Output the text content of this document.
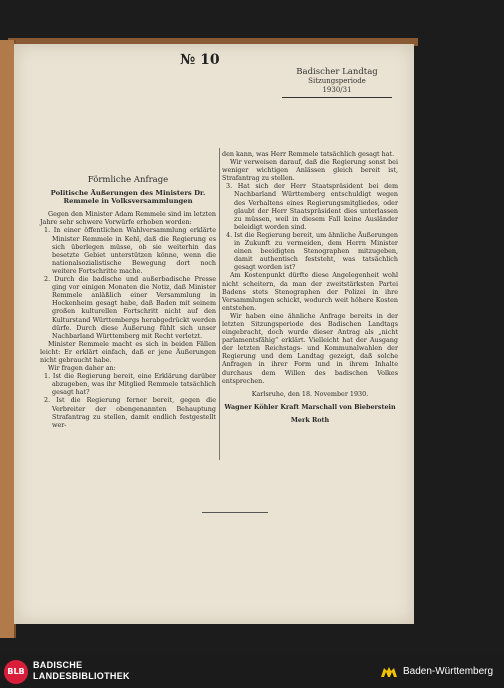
№ 10
Badischer Landtag
Sitzungsperiode
1930/31
Förmliche Anfrage
Politische Äußerungen des Ministers Dr. Remmele in Volksversammlungen
Gegen den Minister Adam Remmele sind im letzten Jahre sehr schwere Vorwürfe erhoben worden:
1. In einer öffentlichen Wahlversammlung erklärte Minister Remmele in Kehl, daß die Regierung es sich überlegen müsse, ob sie weiterhin das besetzte Gebiet unterstützen könne, wenn die nationalsozialistische Bewegung dort noch weitere Fortschritte mache.
2. Durch die badische und außerbadische Presse ging vor einigen Monaten die Notiz, daß Minister Remmele anläßlich einer Versammlung in Hockenheim gesagt habe, daß Baden mit seinem großen kulturellen Fortschritt nicht auf den Kulturstand Württembergs herabgedrückt werden dürfe. Durch diese Äußerung fühlt sich unser Nachbarland Württemberg mit Recht verletzt.
Minister Remmele macht es sich in beiden Fällen leicht: Er erklärt einfach, daß er jene Äußerungen nicht gebraucht habe.
Wir fragen daher an:
1. Ist die Regierung bereit, eine Erklärung darüber abzugeben, was ihr Mitglied Remmele tatsächlich gesagt hat?
2. Ist die Regierung ferner bereit, gegen die Verbreiter der obengenannten Behauptung Strafantrag zu stellen, damit endlich festgestellt wer-
den kann, was Herr Remmele tatsächlich gesagt hat.
Wir verweisen darauf, daß die Regierung sonst bei weniger wichtigen Anlässen gleich bereit ist, Strafantrag zu stellen.
3. Hat sich der Herr Staatspräsident bei dem Nachbarland Württemberg entschuldigt wegen des Verhaltens eines Regierungsmitgliedes, oder glaubt der Herr Staatspräsident dies unterlassen zu müssen, weil in diesem Fall keine Ausländer beleidigt worden sind.
4. Ist die Regierung bereit, um ähnliche Äußerungen in Zukunft zu vermeiden, dem Herrn Minister einen beeidigten Stenographen mitzugeben, damit authentisch feststeht, was tatsächlich gesagt worden ist?
Am Kostenpunkt dürfte diese Angelegenheit wohl nicht scheitern, da man der zweitstärksten Partei Badens stets Stenographen der Polizei in ihre Versammlungen schickt, wodurch weit höhere Kosten entstehen.
Wir haben eine ähnliche Anfrage bereits in der letzten Sitzungsperiode des Badischen Landtags eingebracht, doch wurde dieser Antrag als „nicht parlamentsfähig“ erklärt. Vielleicht hat der Ausgang der letzten Reichstags- und Kommunalwahlen der Regierung und dem Landtag gezeigt, daß solche Anfragen in ihrer Form und in ihrem Inhalte durchaus dem Willen des badischen Volkes entsprechen.
Karlsruhe, den 18. November 1930.
Wagner Köhler Kraft Marschall von Bieberstein
Merk Roth
BLB
BADISCHE
LANDESBIBLIOTHEK	Baden-Württemberg
